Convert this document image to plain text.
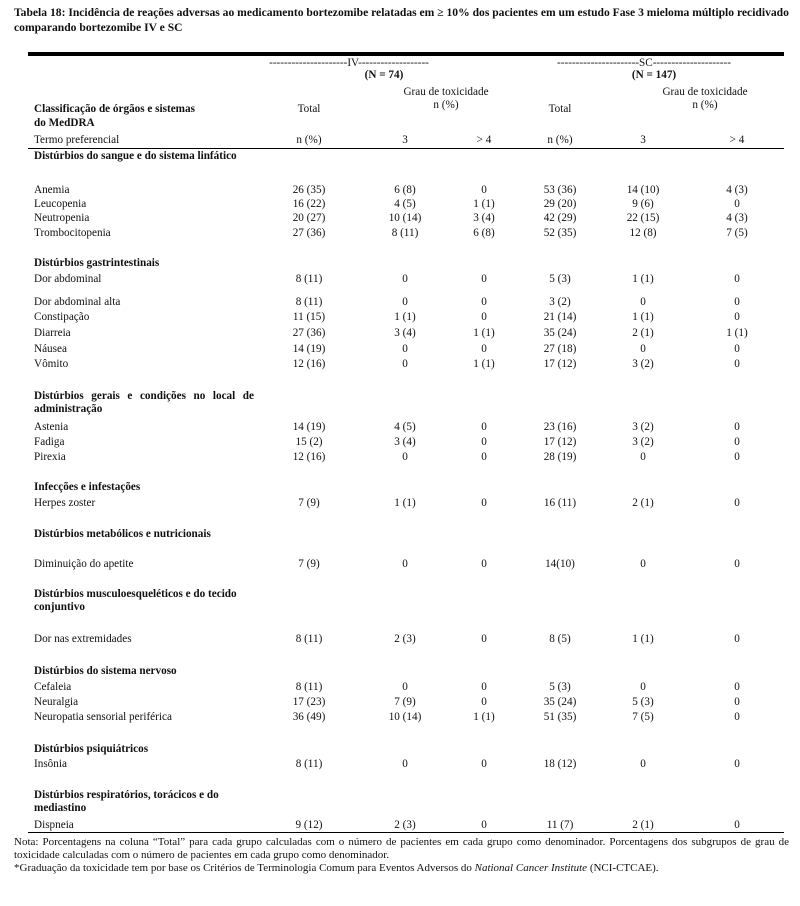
Tabela 18: Incidência de reações adversas ao medicamento bortezomibe relatadas em ≥ 10% dos pacientes em um estudo Fase 3 mieloma múltiplo recidivado comparando bortezomibe IV e SC
---------------------IV-------------------
(N = 74)
----------------------SC---------------------
(N = 147)
Grau de toxicidade
n (%)
Grau de toxicidade
n (%)
Classificação de órgãos e sistemas
do MedDRA
Termo preferencial
Total	Total
n (%)	3	> 4	n (%)	3	> 4
Distúrbios do sangue e do sistema linfático
Anemia	26 (35)	6 (8)	0	53 (36)	14 (10)	4 (3)
Leucopenia	16 (22)	4 (5)	1 (1)	29 (20)	9 (6)	0
Neutropenia	20 (27)	10 (14)	3 (4)	42 (29)	22 (15)	4 (3)
Trombocitopenia	27 (36)	8 (11)	6 (8)	52 (35)	12 (8)	7 (5)
Distúrbios gastrintestinais
Dor abdominal	8 (11)	0	0	5 (3)	1 (1)	0
Dor abdominal alta	8 (11)	0	0	3 (2)	0	0
Constipação	11 (15)	1 (1)	0	21 (14)	1 (1)	0
Diarreia	27 (36)	3 (4)	1 (1)	35 (24)	2 (1)	1 (1)
Náusea	14 (19)	0	0	27 (18)	0	0
Vômito	12 (16)	0	1 (1)	17 (12)	3 (2)	0
Distúrbios gerais e condições no local de administração
Astenia	14 (19)	4 (5)	0	23 (16)	3 (2)	0
Fadiga	15 (2)	3 (4)	0	17 (12)	3 (2)	0
Pirexia	12 (16)	0	0	28 (19)	0	0
Infecções e infestações
Herpes zoster	7 (9)	1 (1)	0	16 (11)	2 (1)	0
Distúrbios metabólicos e nutricionais
Diminuição do apetite	7 (9)	0	0	14(10)	0	0
Distúrbios musculoesqueléticos e do tecido conjuntivo
Dor nas extremidades	8 (11)	2 (3)	0	8 (5)	1 (1)	0
Distúrbios do sistema nervoso
Cefaleia	8 (11)	0	0	5 (3)	0	0
Neuralgia	17 (23)	7 (9)	0	35 (24)	5 (3)	0
Neuropatia sensorial periférica	36 (49)	10 (14)	1 (1)	51 (35)	7 (5)	0
Distúrbios psiquiátricos
Insônia	8 (11)	0	0	18 (12)	0	0
Distúrbios respiratórios, torácicos e do mediastino
Dispneia	9 (12)	2 (3)	0	11 (7)	2 (1)	0
Nota: Porcentagens na coluna “Total” para cada grupo calculadas com o número de pacientes em cada grupo como denominador. Porcentagens dos subgrupos de grau de toxicidade calculadas com o número de pacientes em cada grupo como denominador.
*Graduação da toxicidade tem por base os Critérios de Terminologia Comum para Eventos Adversos do National Cancer Institute (NCI-CTCAE).
